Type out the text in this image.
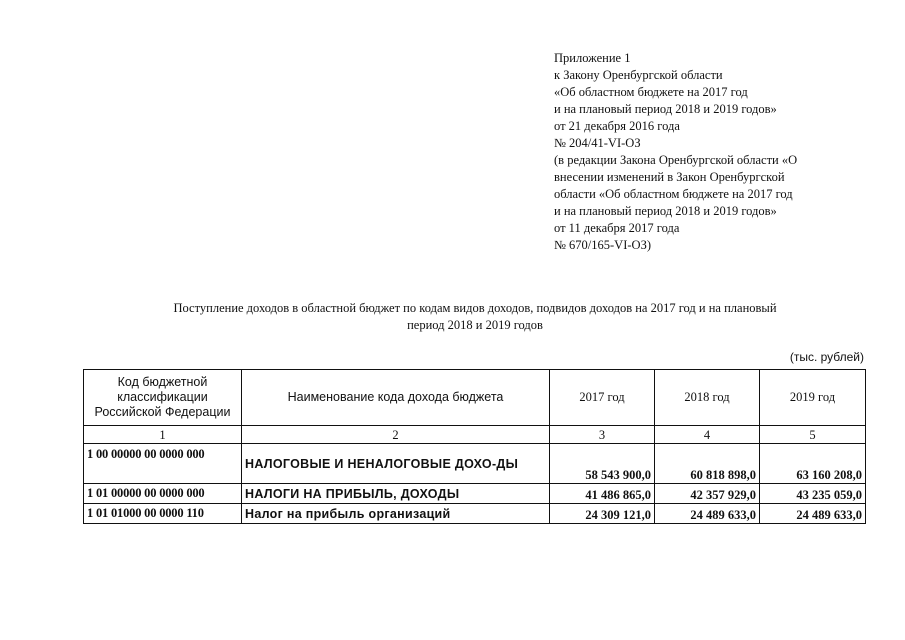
Приложение 1
к Закону Оренбургской области
«Об областном бюджете на 2017 год
и на плановый период 2018 и 2019 годов»
от 21 декабря 2016 года
№ 204/41-VI-ОЗ
(в редакции Закона Оренбургской области «О
внесении изменений в Закон Оренбургской
области «Об областном бюджете на 2017 год
и на плановый период 2018 и 2019 годов»
от 11 декабря 2017 года
№ 670/165-VI-ОЗ)
Поступление доходов в областной бюджет по кодам видов доходов, подвидов доходов на 2017 год и на плановый
период 2018 и 2019 годов
(тыс. рублей)
Код бюджетной классификации Российской Федерации	Наименование кода дохода бюджета	2017 год	2018 год	2019 год
1	2	3	4	5
1 00 00000 00 0000 000	НАЛОГОВЫЕ И НЕНАЛОГОВЫЕ ДОХО-ДЫ	58 543 900,0	60 818 898,0	63 160 208,0
1 01 00000 00 0000 000	НАЛОГИ НА ПРИБЫЛЬ, ДОХОДЫ	41 486 865,0	42 357 929,0	43 235 059,0
1 01 01000 00 0000 110	Налог на прибыль организаций	24 309 121,0	24 489 633,0	24 489 633,0
